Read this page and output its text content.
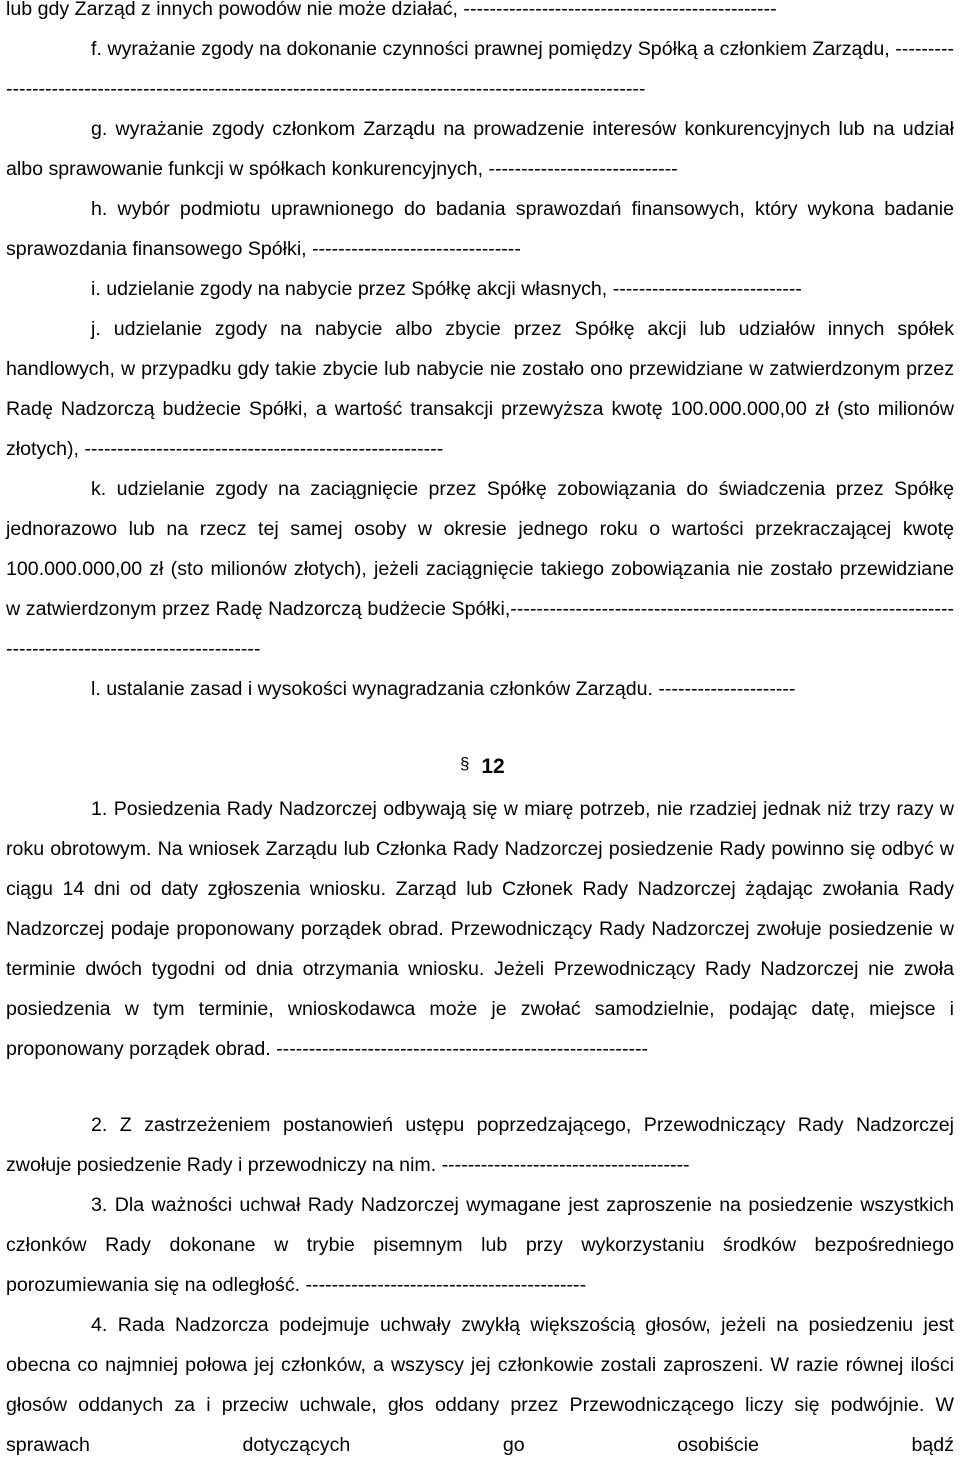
lub gdy Zarząd z innych powodów nie może działać, ------------------------------------------------

f. wyrażanie zgody na dokonanie czynności prawnej pomiędzy Spółką a członkiem Zarządu, -----------------------------------------------------------------------------------------------------------

g. wyrażanie zgody członkom Zarządu na prowadzenie interesów konkurencyjnych lub na udział albo sprawowanie funkcji w spółkach konkurencyjnych, -----------------------------

h. wybór podmiotu uprawnionego do badania sprawozdań finansowych, który wykona badanie sprawozdania finansowego Spółki, --------------------------------

i. udzielanie zgody na nabycie przez Spółkę akcji własnych, -----------------------------

j. udzielanie zgody na nabycie albo zbycie przez Spółkę akcji lub udziałów innych spółek handlowych, w przypadku gdy takie zbycie lub nabycie nie zostało ono przewidziane w zatwierdzonym przez Radę Nadzorczą budżecie Spółki, a wartość transakcji przewyższa kwotę 100.000.000,00 zł (sto milionów złotych), -------------------------------------------------------

k. udzielanie zgody na zaciągnięcie przez Spółkę zobowiązania do świadczenia przez Spółkę jednorazowo lub na rzecz tej samej osoby w okresie jednego roku o wartości przekraczającej kwotę 100.000.000,00 zł (sto milionów złotych), jeżeli zaciągnięcie takiego zobowiązania nie zostało przewidziane w zatwierdzonym przez Radę Nadzorczą budżecie Spółki,-----------------------------------------------------------------------------------------------------------

l. ustalanie zasad i wysokości wynagradzania członków Zarządu. ---------------------

§ 12

1. Posiedzenia Rady Nadzorczej odbywają się w miarę potrzeb, nie rzadziej jednak niż trzy razy w roku obrotowym. Na wniosek Zarządu lub Członka Rady Nadzorczej posiedzenie Rady powinno się odbyć w ciągu 14 dni od daty zgłoszenia wniosku. Zarząd lub Członek Rady Nadzorczej żądając zwołania Rady Nadzorczej podaje proponowany porządek obrad. Przewodniczący Rady Nadzorczej zwołuje posiedzenie w terminie dwóch tygodni od dnia otrzymania wniosku. Jeżeli Przewodniczący Rady Nadzorczej nie zwoła posiedzenia w tym terminie, wnioskodawca może je zwołać samodzielnie, podając datę, miejsce i proponowany porządek obrad. ---------------------------------------------------------

2. Z zastrzeżeniem postanowień ustępu poprzedzającego, Przewodniczący Rady Nadzorczej zwołuje posiedzenie Rady i przewodniczy na nim. --------------------------------------

3. Dla ważności uchwał Rady Nadzorczej wymagane jest zaproszenie na posiedzenie wszystkich członków Rady dokonane w trybie pisemnym lub przy wykorzystaniu środków bezpośredniego porozumiewania się na odległość. -------------------------------------------

4. Rada Nadzorcza podejmuje uchwały zwykłą większością głosów, jeżeli na posiedzeniu jest obecna co najmniej połowa jej członków, a wszyscy jej członkowie zostali zaproszeni. W razie równej ilości głosów oddanych za i przeciw uchwale, głos oddany przez Przewodniczącego liczy się podwójnie. W sprawach dotyczących go osobiście bądź
